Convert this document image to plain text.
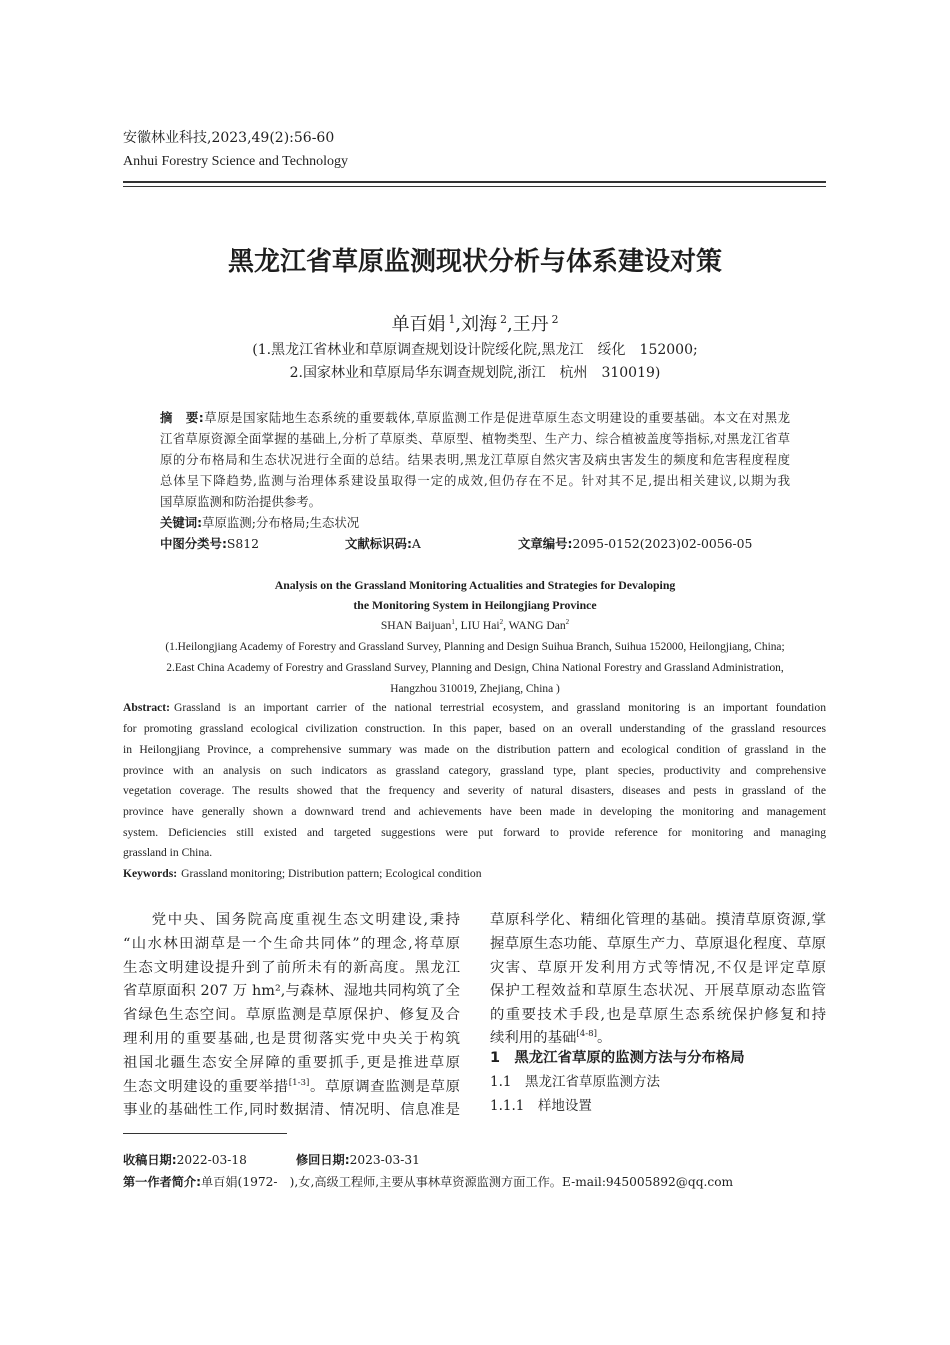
安徽林业科技,2023,49(2):56-60
Anhui Forestry Science and Technology
黑龙江省草原监测现状分析与体系建设对策
单百娟 $^1$,刘海 $^2$,王丹 $^2$
(1.黑龙江省林业和草原调查规划设计院绥化院,黑龙江　绥化　152000;
2.国家林业和草原局华东调查规划院,浙江　杭州　310019)
摘　要:草原是国家陆地生态系统的重要载体,草原监测工作是促进草原生态文明建设的重要基础。本文在对黑龙
江省草原资源全面掌握的基础上,分析了草原类、草原型、植物类型、生产力、综合植被盖度等指标,对黑龙江省草
原的分布格局和生态状况进行全面的总结。结果表明,黑龙江草原自然灾害及病虫害发生的频度和危害程度程度
总体呈下降趋势,监测与治理体系建设虽取得一定的成效,但仍存在不足。针对其不足,提出相关建议,以期为我
国草原监测和防治提供参考。
关键词:草原监测;分布格局;生态状况
中图分类号:S812	文献标识码:A	文章编号:2095-0152(2023)02-0056-05
Analysis on the Grassland Monitoring Actualities and Strategies for Devaloping
the Monitoring System in Heilongjiang Province
SHAN Baijuan$^1$, LIU Hai$^2$, WANG Dan$^2$
(1.Heilongjiang Academy of Forestry and Grassland Survey, Planning and Design Suihua Branch, Suihua 152000, Heilongjiang, China;
2.East China Academy of Forestry and Grassland Survey, Planning and Design, China National Forestry and Grassland Administration,
Hangzhou 310019, Zhejiang, China )
Abstract: Grassland is an important carrier of the national terrestrial ecosystem, and grassland monitoring is an important foundation
for promoting grassland ecological civilization construction. In this paper, based on an overall understanding of the grassland resources
in Heilongjiang Province, a comprehensive summary was made on the distribution pattern and ecological condition of grassland in the
province with an analysis on such indicators as grassland category, grassland type, plant species, productivity and comprehensive
vegetation coverage. The results showed that the frequency and severity of natural disasters, diseases and pests in grassland of the
province have generally shown a downward trend and achievements have been made in developing the monitoring and management
system. Deficiencies still existed and targeted suggestions were put forward to provide reference for monitoring and managing
grassland in China.
Keywords: Grassland monitoring; Distribution pattern; Ecological condition
党中央、国务院高度重视生态文明建设,秉持
“山水林田湖草是一个生命共同体”的理念,将草原
生态文明建设提升到了前所未有的新高度。黑龙江
省草原面积 207 万 hm²,与森林、湿地共同构筑了全
省绿色生态空间。草原监测是草原保护、修复及合
理利用的重要基础,也是贯彻落实党中央关于构筑
祖国北疆生态安全屏障的重要抓手,更是推进草原
生态文明建设的重要举措[1-3]。草原调查监测是草原
事业的基础性工作,同时数据清、情况明、信息准是
草原科学化、精细化管理的基础。摸清草原资源,掌
握草原生态功能、草原生产力、草原退化程度、草原
灾害、草原开发利用方式等情况,不仅是评定草原
保护工程效益和草原生态状况、开展草原动态监管
的重要技术手段,也是草原生态系统保护修复和持
续利用的基础[4-8]。
1　黑龙江省草原的监测方法与分布格局
1.1　黑龙江省草原监测方法
1.1.1　样地设置
收稿日期:2022-03-18	修回日期:2023-03-31
第一作者简介:单百娟(1972-　),女,高级工程师,主要从事林草资源监测方面工作。E-mail:945005892@qq.com
